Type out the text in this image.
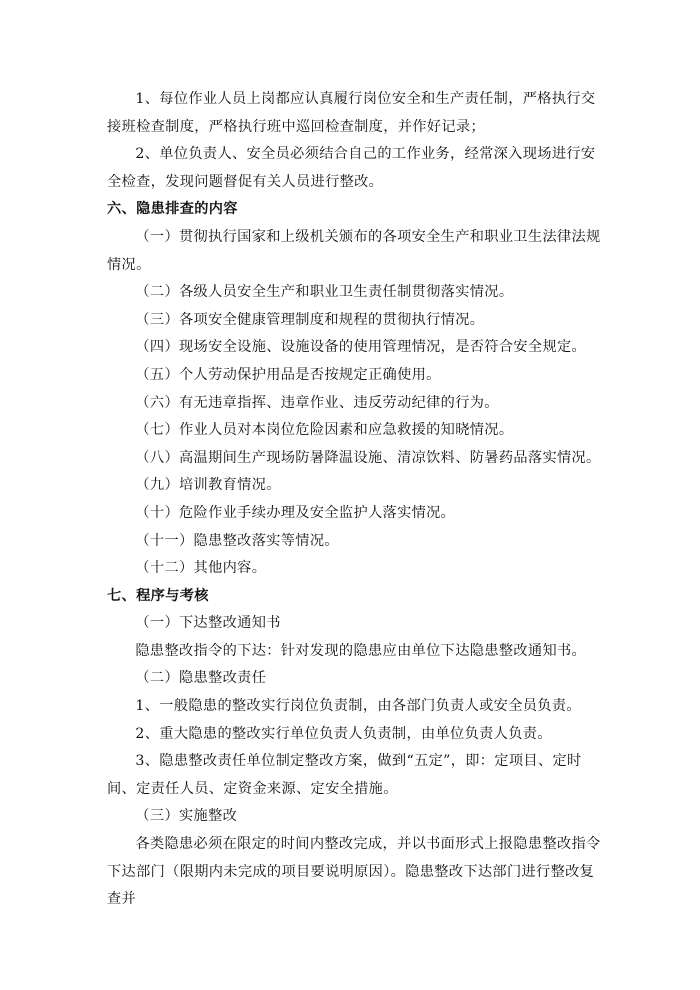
1、每位作业人员上岗都应认真履行岗位安全和生产责任制，严格执行交接班检查制度，严格执行班中巡回检查制度，并作好记录；

2、单位负责人、安全员必须结合自己的工作业务，经常深入现场进行安全检查，发现问题督促有关人员进行整改。

六、隐患排查的内容

（一）贯彻执行国家和上级机关颁布的各项安全生产和职业卫生法律法规情况。

（二）各级人员安全生产和职业卫生责任制贯彻落实情况。

（三）各项安全健康管理制度和规程的贯彻执行情况。

（四）现场安全设施、设施设备的使用管理情况，是否符合安全规定。

（五）个人劳动保护用品是否按规定正确使用。

（六）有无违章指挥、违章作业、违反劳动纪律的行为。

（七）作业人员对本岗位危险因素和应急救援的知晓情况。

（八）高温期间生产现场防暑降温设施、清凉饮料、防暑药品落实情况。

（九）培训教育情况。

（十）危险作业手续办理及安全监护人落实情况。

（十一）隐患整改落实等情况。

（十二）其他内容。

七、程序与考核

（一）下达整改通知书

隐患整改指令的下达：针对发现的隐患应由单位下达隐患整改通知书。

（二）隐患整改责任

1、一般隐患的整改实行岗位负责制，由各部门负责人或安全员负责。

2、重大隐患的整改实行单位负责人负责制，由单位负责人负责。

3、隐患整改责任单位制定整改方案，做到“五定”，即：定项目、定时间、定责任人员、定资金来源、定安全措施。

（三）实施整改

各类隐患必须在限定的时间内整改完成，并以书面形式上报隐患整改指令下达部门（限期内未完成的项目要说明原因）。隐患整改下达部门进行整改复查并
